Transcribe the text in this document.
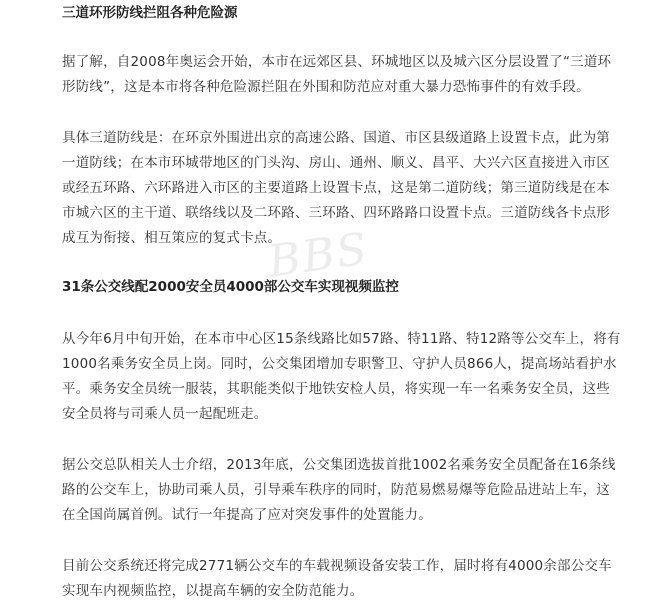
BBS

三道环形防线拦阻各种危险源

据了解，自2008年奥运会开始，本市在远郊区县、环城地区以及城六区分层设置了“三道环形防线”，这是本市将各种危险源拦阻在外围和防范应对重大暴力恐怖事件的有效手段。

具体三道防线是：在环京外围进出京的高速公路、国道、市区县级道路上设置卡点，此为第一道防线；在本市环城带地区的门头沟、房山、通州、顺义、昌平、大兴六区直接进入市区或经五环路、六环路进入市区的主要道路上设置卡点，这是第二道防线；第三道防线是在本市城六区的主干道、联络线以及二环路、三环路、四环路路口设置卡点。三道防线各卡点形成互为衔接、相互策应的复式卡点。

31条公交线配2000安全员4000部公交车实现视频监控

从今年6月中旬开始，在本市中心区15条线路比如57路、特11路、特12路等公交车上，将有1000名乘务安全员上岗。同时，公交集团增加专职警卫、守护人员866人，提高场站看护水平。乘务安全员统一服装，其职能类似于地铁安检人员，将实现一车一名乘务安全员，这些安全员将与司乘人员一起配班走。

据公交总队相关人士介绍，2013年底，公交集团选拔首批1002名乘务安全员配备在16条线路的公交车上，协助司乘人员，引导乘车秩序的同时，防范易燃易爆等危险品进站上车，这在全国尚属首例。试行一年提高了应对突发事件的处置能力。

目前公交系统还将完成2771辆公交车的车载视频设备安装工作，届时将有4000余部公交车实现车内视频监控，以提高车辆的安全防范能力。
